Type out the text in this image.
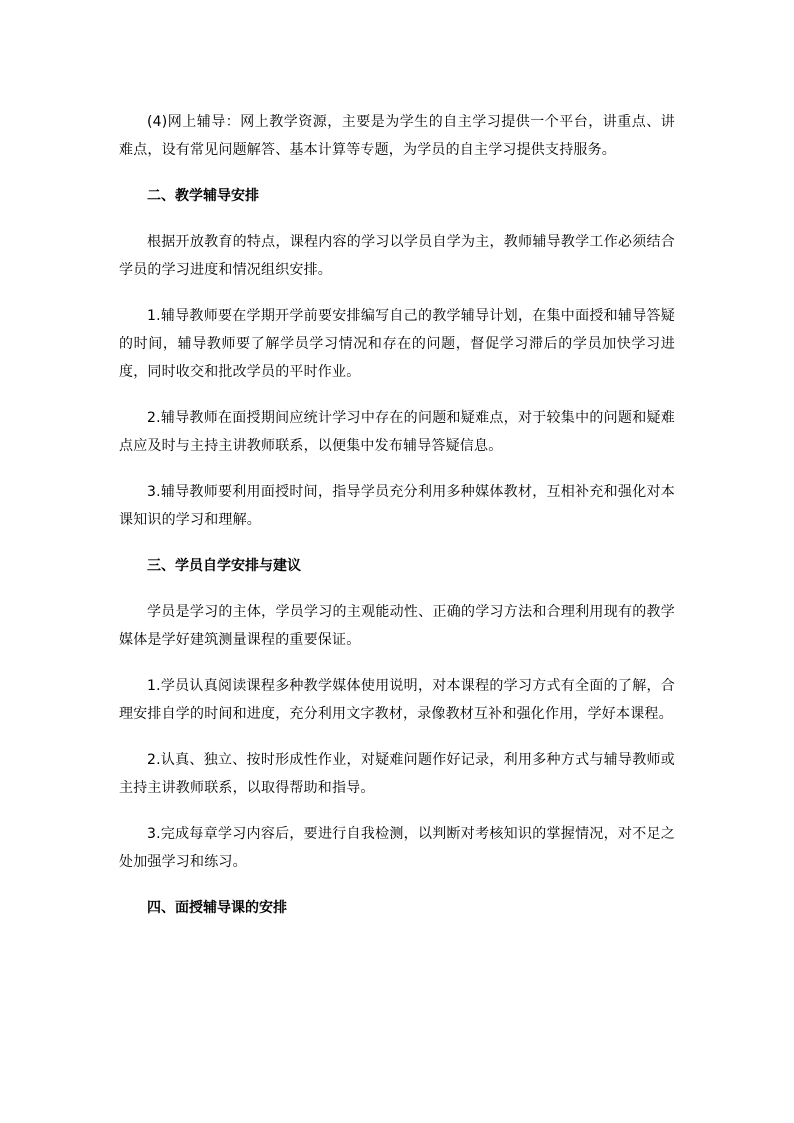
(4)网上辅导：网上教学资源，主要是为学生的自主学习提供一个平台，讲重点、讲难点，设有常见问题解答、基本计算等专题，为学员的自主学习提供支持服务。

二、教学辅导安排

根据开放教育的特点，课程内容的学习以学员自学为主，教师辅导教学工作必须结合学员的学习进度和情况组织安排。

1.辅导教师要在学期开学前要安排编写自己的教学辅导计划，在集中面授和辅导答疑的时间，辅导教师要了解学员学习情况和存在的问题，督促学习滞后的学员加快学习进度，同时收交和批改学员的平时作业。

2.辅导教师在面授期间应统计学习中存在的问题和疑难点，对于较集中的问题和疑难点应及时与主持主讲教师联系，以便集中发布辅导答疑信息。

3.辅导教师要利用面授时间，指导学员充分利用多种媒体教材，互相补充和强化对本课知识的学习和理解。

三、学员自学安排与建议

学员是学习的主体，学员学习的主观能动性、正确的学习方法和合理利用现有的教学媒体是学好建筑测量课程的重要保证。

1.学员认真阅读课程多种教学媒体使用说明，对本课程的学习方式有全面的了解，合理安排自学的时间和进度，充分利用文字教材，录像教材互补和强化作用，学好本课程。

2.认真、独立、按时形成性作业，对疑难问题作好记录，利用多种方式与辅导教师或主持主讲教师联系，以取得帮助和指导。

3.完成每章学习内容后，要进行自我检测，以判断对考核知识的掌握情况，对不足之处加强学习和练习。

四、面授辅导课的安排
